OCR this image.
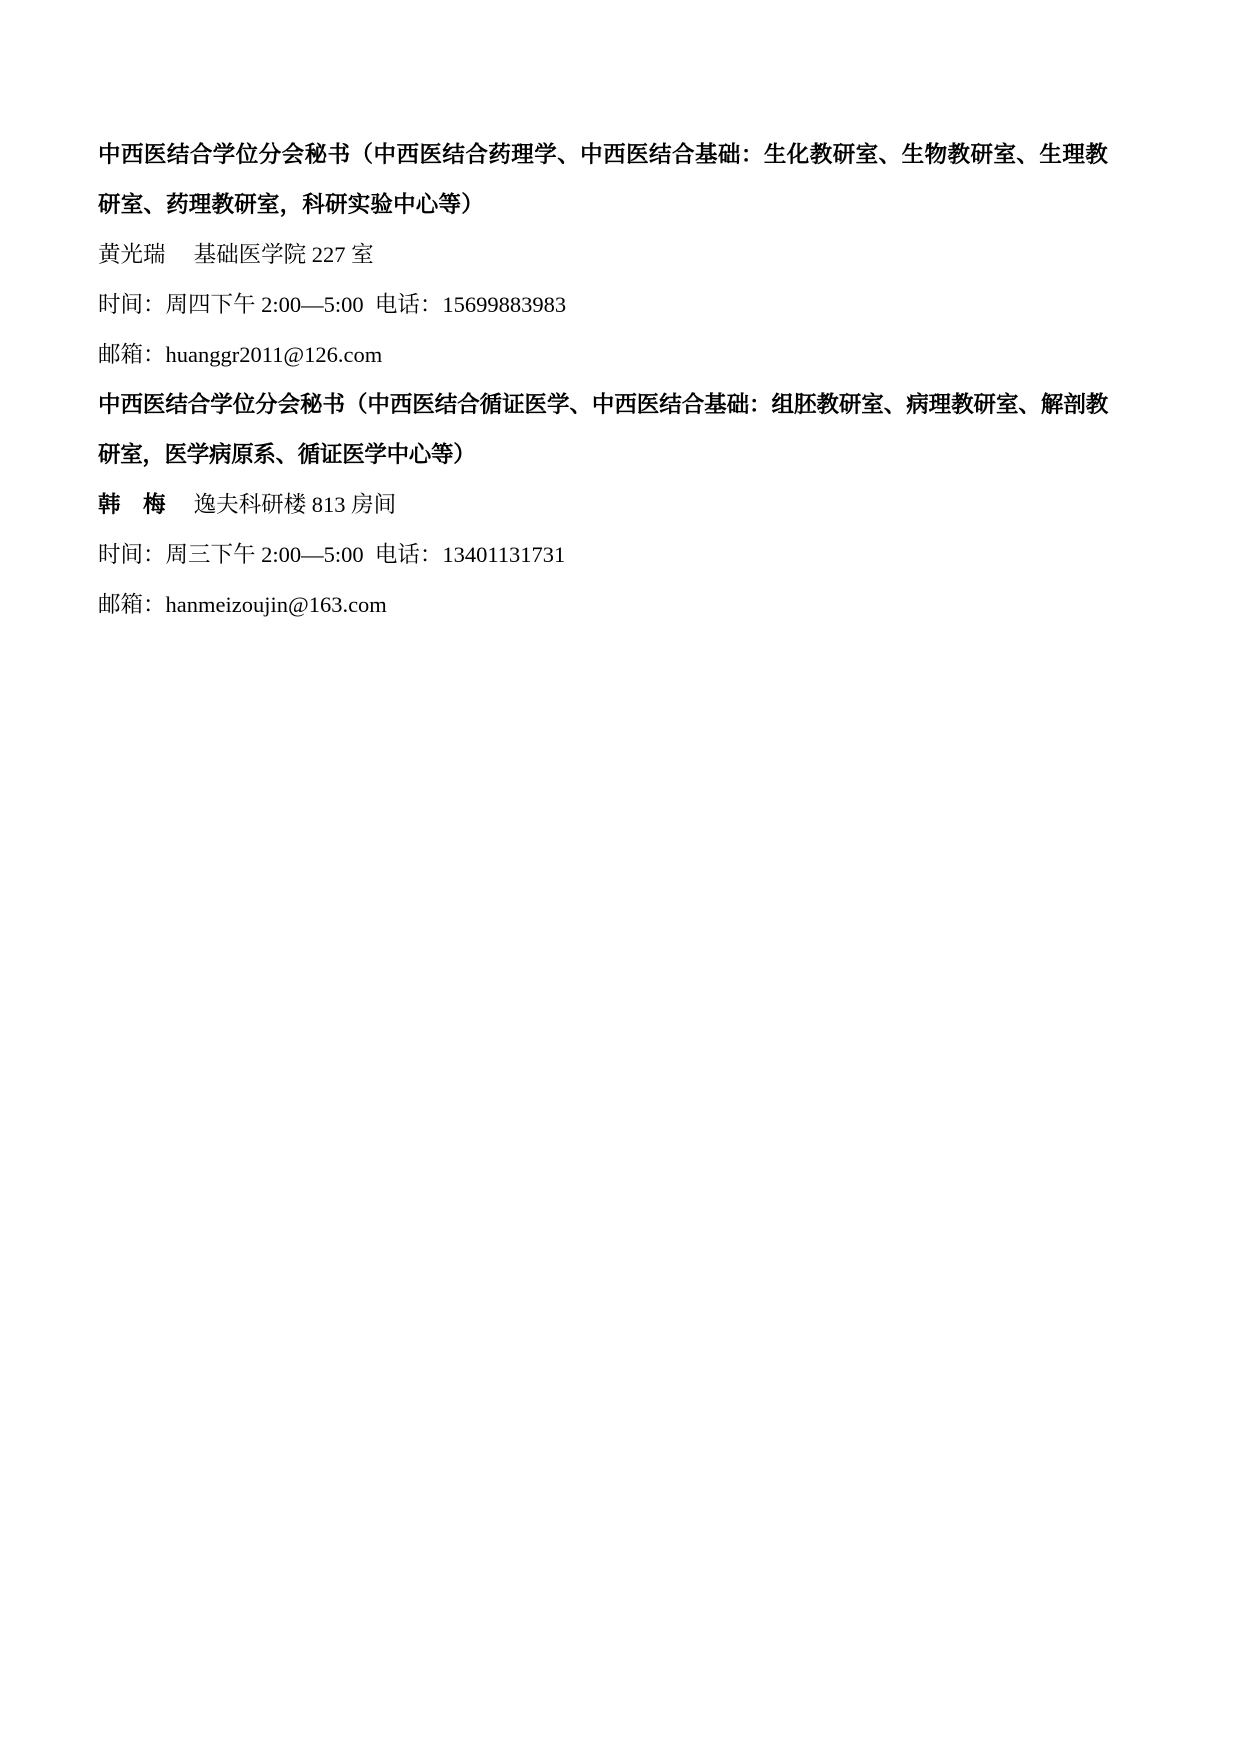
中西医结合学位分会秘书（中西医结合药理学、中西医结合基础：生化教研室、生物教研室、生理教研室、药理教研室，科研实验中心等）

黄光瑞　 基础医学院 227 室

时间：周四下午 2:00—5:00  电话：15699883983

邮箱：huanggr2011@126.com

中西医结合学位分会秘书（中西医结合循证医学、中西医结合基础：组胚教研室、病理教研室、解剖教研室，医学病原系、循证医学中心等）

韩　梅　 逸夫科研楼 813 房间

时间：周三下午 2:00—5:00  电话：13401131731

邮箱：hanmeizoujin@163.com
